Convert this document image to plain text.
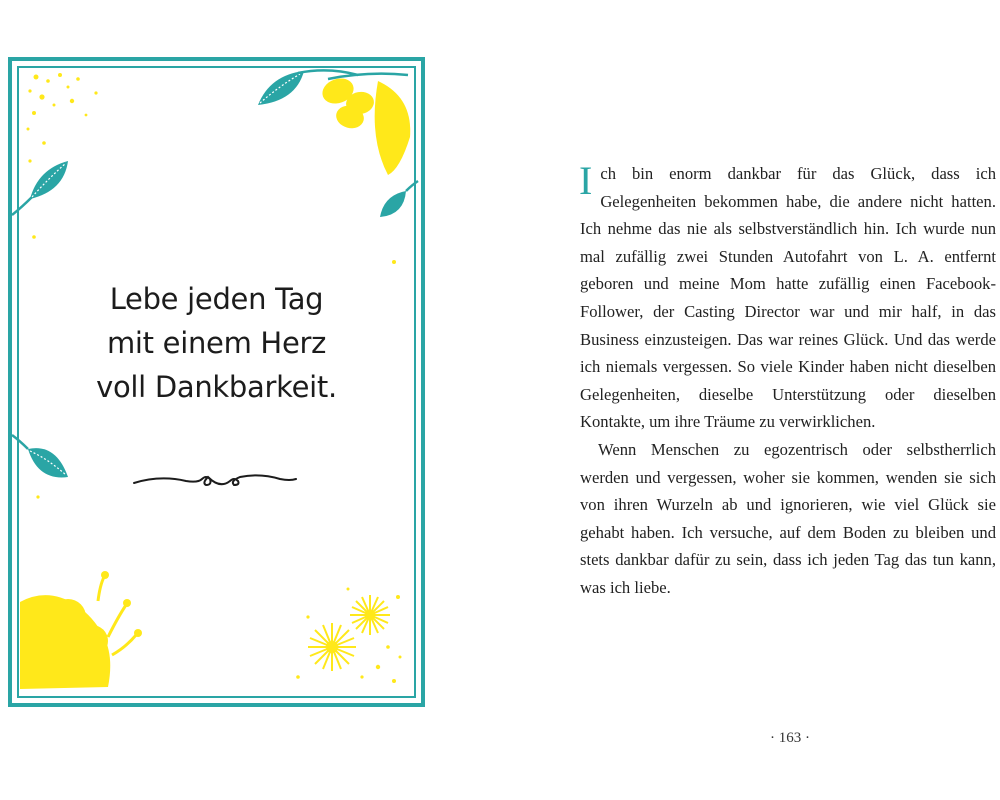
Lebe jeden Tag
mit einem Herz
voll Dankbarkeit.

Ich bin enorm dankbar für das Glück, dass ich Gelegenheiten bekommen habe, die andere nicht hatten. Ich nehme das nie als selbstverständlich hin. Ich wurde nun mal zufällig zwei Stunden Autofahrt von L. A. entfernt geboren und meine Mom hatte zufällig einen Facebook-Follower, der Casting Director war und mir half, in das Business einzusteigen. Das war reines Glück. Und das werde ich niemals vergessen. So viele Kinder haben nicht dieselben Gelegenheiten, dieselbe Unterstützung oder dieselben Kontakte, um ihre Träume zu verwirklichen.

Wenn Menschen zu egozentrisch oder selbstherrlich werden und vergessen, woher sie kommen, wenden sie sich von ihren Wurzeln ab und ignorieren, wie viel Glück sie gehabt haben. Ich versuche, auf dem Boden zu bleiben und stets dankbar dafür zu sein, dass ich jeden Tag das tun kann, was ich liebe.

· 163 ·
